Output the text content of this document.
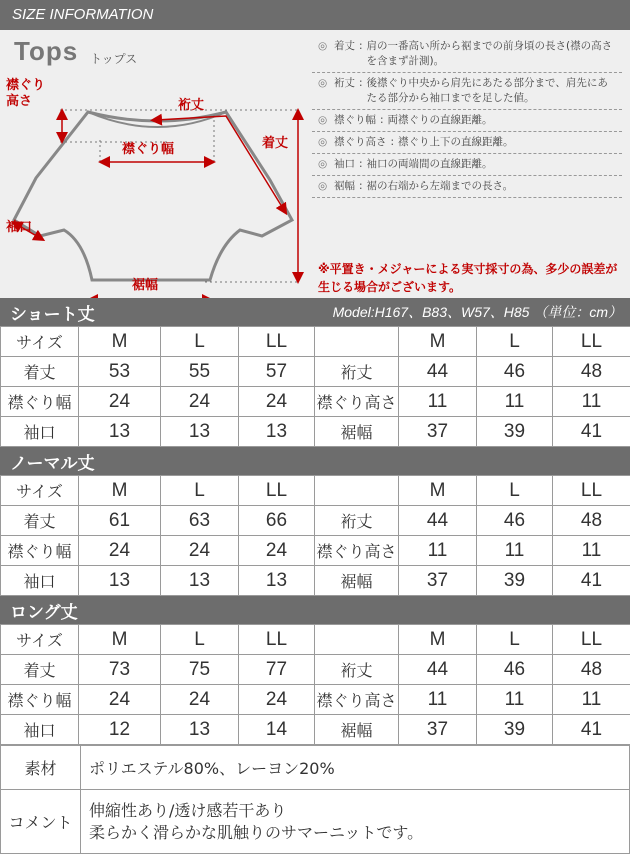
SIZE INFORMATION
Tops トップス
襟ぐり
高さ	裄丈
襟ぐり幅	着丈
袖口
裾幅
◎ 着丈 : 肩の一番高い所から裾までの前身頃の長さ(襟の高さを含まず計測)。
◎ 裄丈 : 後襟ぐり中央から肩先にあたる部分まで、肩先にあたる部分から袖口までを足した値。
◎ 襟ぐり幅 : 両襟ぐりの直線距離。
◎ 襟ぐり高さ : 襟ぐり上下の直線距離。
◎ 袖口 : 袖口の両端間の直線距離。
◎ 裾幅 : 裾の右端から左端までの長さ。
※平置き・メジャーによる実寸採寸の為、多少の誤差が生じる場合がございます。
ショート丈	Model:H167、B83、W57、H85 （単位：cm）
サイズ	M	L	LL		M	L	LL
着丈	53	55	57	裄丈	44	46	48
襟ぐり幅	24	24	24	襟ぐり高さ	11	11	11
袖口	13	13	13	裾幅	37	39	41
ノーマル丈
サイズ	M	L	LL		M	L	LL
着丈	61	63	66	裄丈	44	46	48
襟ぐり幅	24	24	24	襟ぐり高さ	11	11	11
袖口	13	13	13	裾幅	37	39	41
ロング丈
サイズ	M	L	LL		M	L	LL
着丈	73	75	77	裄丈	44	46	48
襟ぐり幅	24	24	24	襟ぐり高さ	11	11	11
袖口	12	13	14	裾幅	37	39	41
素材	ポリエステル80%、レーヨン20%
コメント	伸縮性あり/透け感若干あり
柔らかく滑らかな肌触りのサマーニットです。
